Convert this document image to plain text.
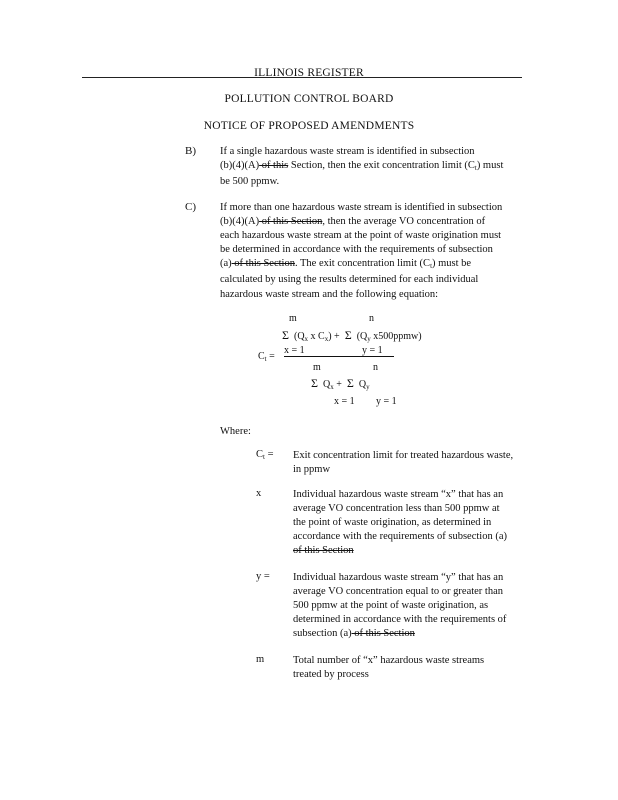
ILLINOIS REGISTER
POLLUTION CONTROL BOARD
NOTICE OF PROPOSED AMENDMENTS
B) If a single hazardous waste stream is identified in subsection
(b)(4)(A) of this Section, then the exit concentration limit $(C_t)$ must
be 500 ppmw.
C) If more than one hazardous waste stream is identified in subsection
(b)(4)(A) of this Section, then the average VO concentration of
each hazardous waste stream at the point of waste origination must
be determined in accordance with the requirements of subsection
(a) of this Section. The exit concentration limit $(C_t)$ must be
calculated by using the results determined for each individual
hazardous waste stream and the following equation:
m	n
Σ ($Q_x$ x $C_x) + \Sigma$ ($Q_y$ x500ppmw)
x = 1	y = 1
$C_t$ =
m	n
Σ $Q_x + \Sigma$ $Q_y$
x = 1 y = 1
Where:
$C_t$ = Exit concentration limit for treated hazardous waste,
in ppmw
x	Individual hazardous waste stream “x” that has an
average VO concentration less than 500 ppmw at
the point of waste origination, as determined in
accordance with the requirements of subsection (a)
of this Section
y = Individual hazardous waste stream “y” that has an
average VO concentration equal to or greater than
500 ppmw at the point of waste origination, as
determined in accordance with the requirements of
subsection (a) of this Section
m	Total number of “x” hazardous waste streams
treated by process
